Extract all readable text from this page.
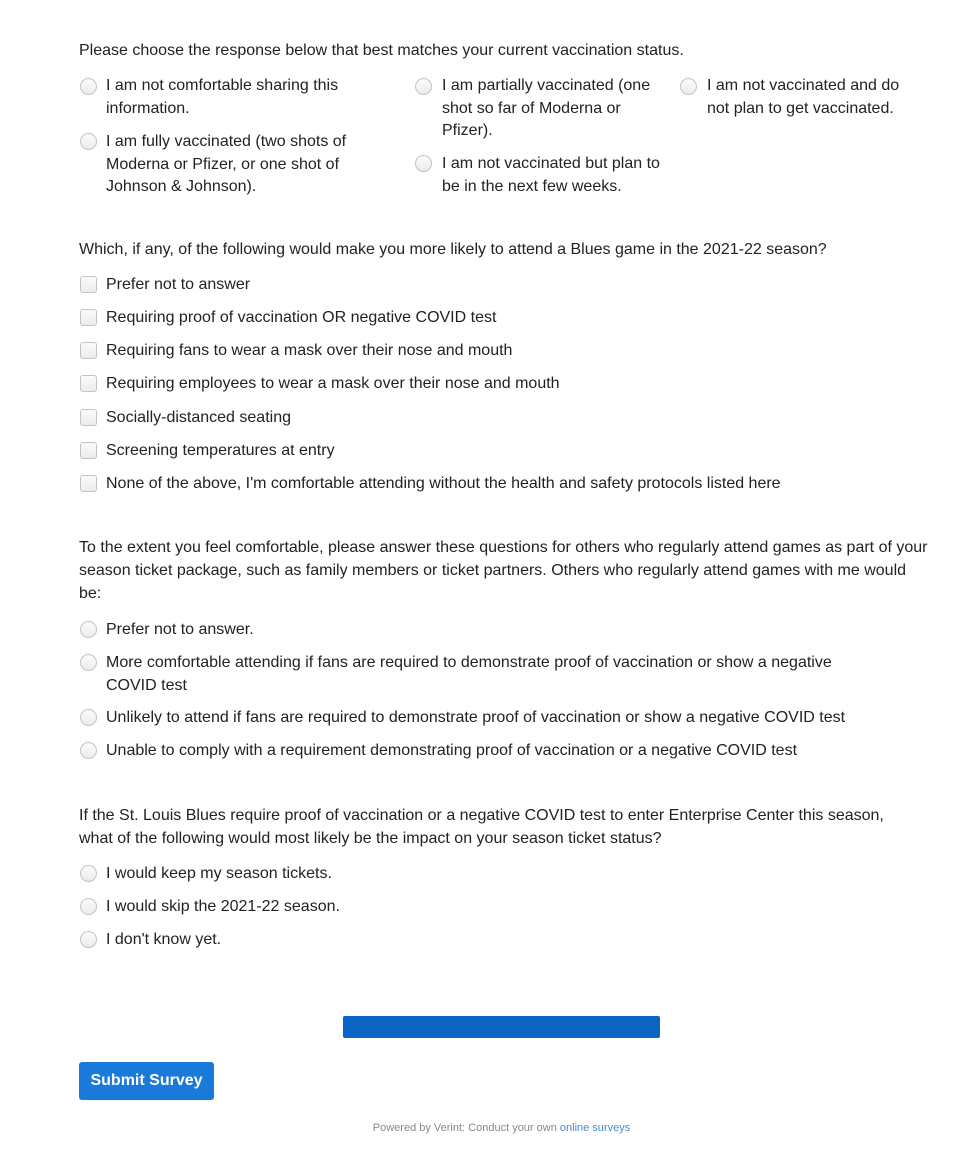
Please choose the response below that best matches your current vaccination status.
I am not comfortable sharing this information.
I am fully vaccinated (two shots of Moderna or Pfizer, or one shot of Johnson & Johnson).
I am partially vaccinated (one shot so far of Moderna or Pfizer).
I am not vaccinated but plan to be in the next few weeks.
I am not vaccinated and do not plan to get vaccinated.
Which, if any, of the following would make you more likely to attend a Blues game in the 2021-22 season?
Prefer not to answer
Requiring proof of vaccination OR negative COVID test
Requiring fans to wear a mask over their nose and mouth
Requiring employees to wear a mask over their nose and mouth
Socially-distanced seating
Screening temperatures at entry
None of the above, I'm comfortable attending without the health and safety protocols listed here
To the extent you feel comfortable, please answer these questions for others who regularly attend games as part of your season ticket package, such as family members or ticket partners. Others who regularly attend games with me would be:
Prefer not to answer.
More comfortable attending if fans are required to demonstrate proof of vaccination or show a negative COVID test
Unlikely to attend if fans are required to demonstrate proof of vaccination or show a negative COVID test
Unable to comply with a requirement demonstrating proof of vaccination or a negative COVID test
If the St. Louis Blues require proof of vaccination or a negative COVID test to enter Enterprise Center this season, what of the following would most likely be the impact on your season ticket status?
I would keep my season tickets.
I would skip the 2021-22 season.
I don't know yet.
Submit Survey
Powered by Verint: Conduct your own online surveys
